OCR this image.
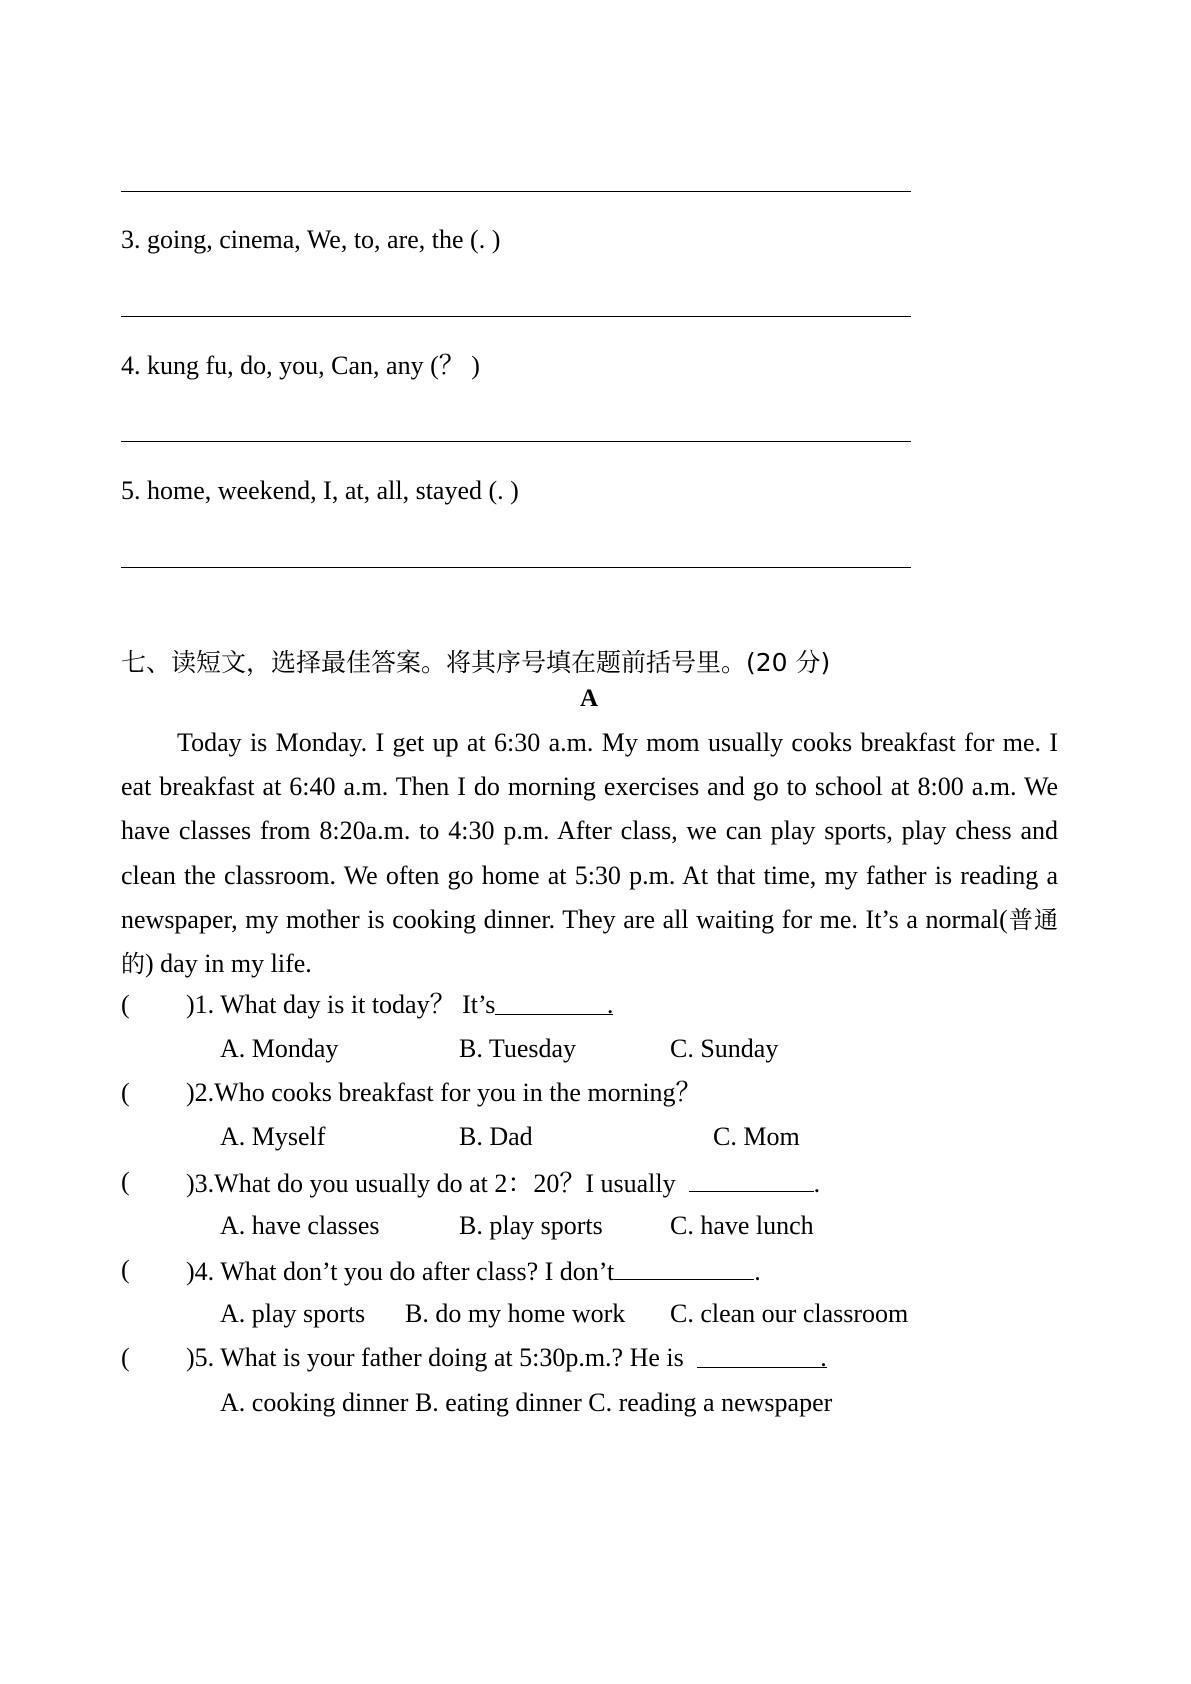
3. going, cinema, We, to, are, the (. )
4. kung fu, do, you, Can, any (？ )
5. home, weekend, I, at, all, stayed (. )
七、读短文，选择最佳答案。将其序号填在题前括号里。(20 分)
A
Today is Monday. I get up at 6:30 a.m. My mom usually cooks breakfast for me. I eat breakfast at 6:40 a.m. Then I do morning exercises and go to school at 8:00 a.m. We have classes from 8:20a.m. to 4:30 p.m. After class, we can play sports, play chess and clean the classroom. We often go home at 5:30 p.m. At that time, my father is reading a newspaper, my mother is cooking dinner. They are all waiting for me. It’s a normal(普通的) day in my life.
( )1. What day is it today？ It’s	.
A. Monday	B. Tuesday	C. Sunday
( )2.Who cooks breakfast for you in the morning？
A. Myself	B. Dad	C. Mom
( )3.What do you usually do at 2：20？I usually	.
A. have classes	B. play sports	C. have lunch
( )4. What don’t you do after class? I don’t	.
A. play sports B. do my home work C. clean our classroom
( )5. What is your father doing at 5:30p.m.? He is	.
A. cooking dinner B. eating dinner C. reading a newspaper
